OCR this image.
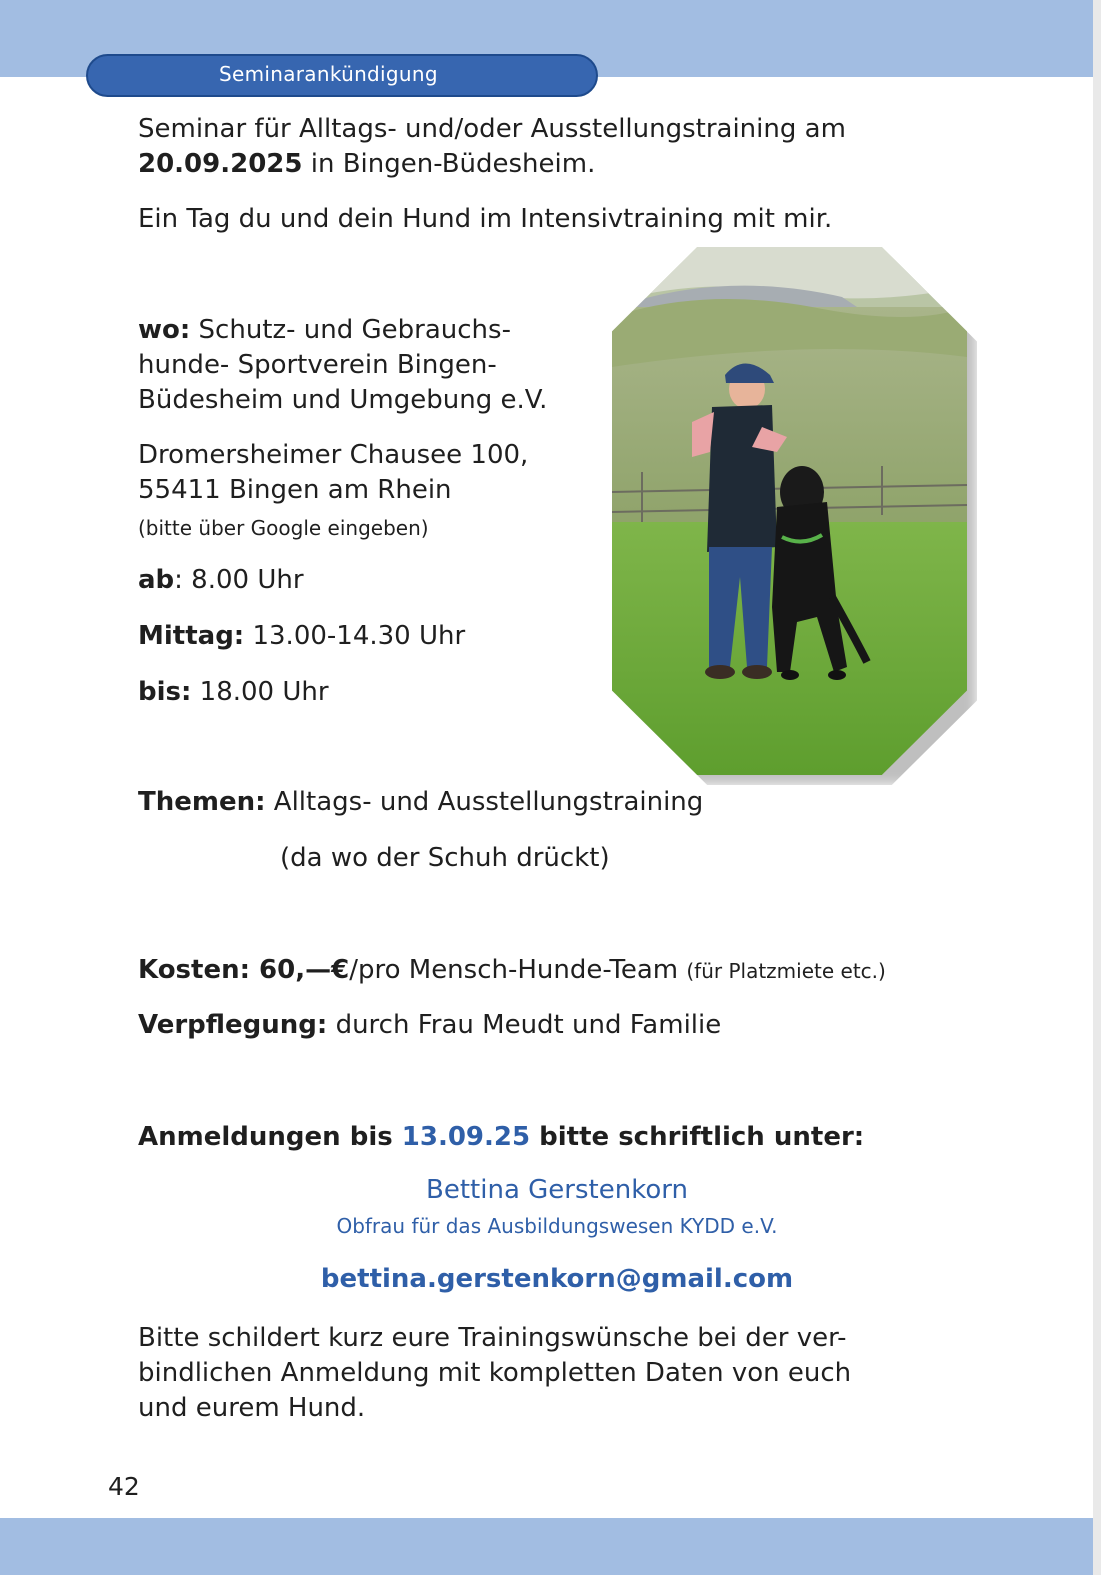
Seminarankündigung
Seminar für Alltags- und/oder Ausstellungstraining am
20.09.2025 in Bingen-Büdesheim.
Ein Tag du und dein Hund im Intensivtraining mit mir.
wo: Schutz- und Gebrauchs-
hunde- Sportverein Bingen-
Büdesheim und Umgebung e.V.
Dromersheimer Chausee 100,
55411 Bingen am Rhein
(bitte über Google eingeben)
ab: 8.00 Uhr
Mittag: 13.00-14.30 Uhr
bis: 18.00 Uhr
Themen: Alltags- und Ausstellungstraining
(da wo der Schuh drückt)
Kosten: 60,—€/pro Mensch-Hunde-Team (für Platzmiete etc.)
Verpflegung: durch Frau Meudt und Familie
Anmeldungen bis 13.09.25 bitte schriftlich unter:
Bettina Gerstenkorn
Obfrau für das Ausbildungswesen KYDD e.V.
bettina.gerstenkorn@gmail.com
Bitte schildert kurz eure Trainingswünsche bei der ver-
bindlichen Anmeldung mit kompletten Daten von euch
und eurem Hund.
42
